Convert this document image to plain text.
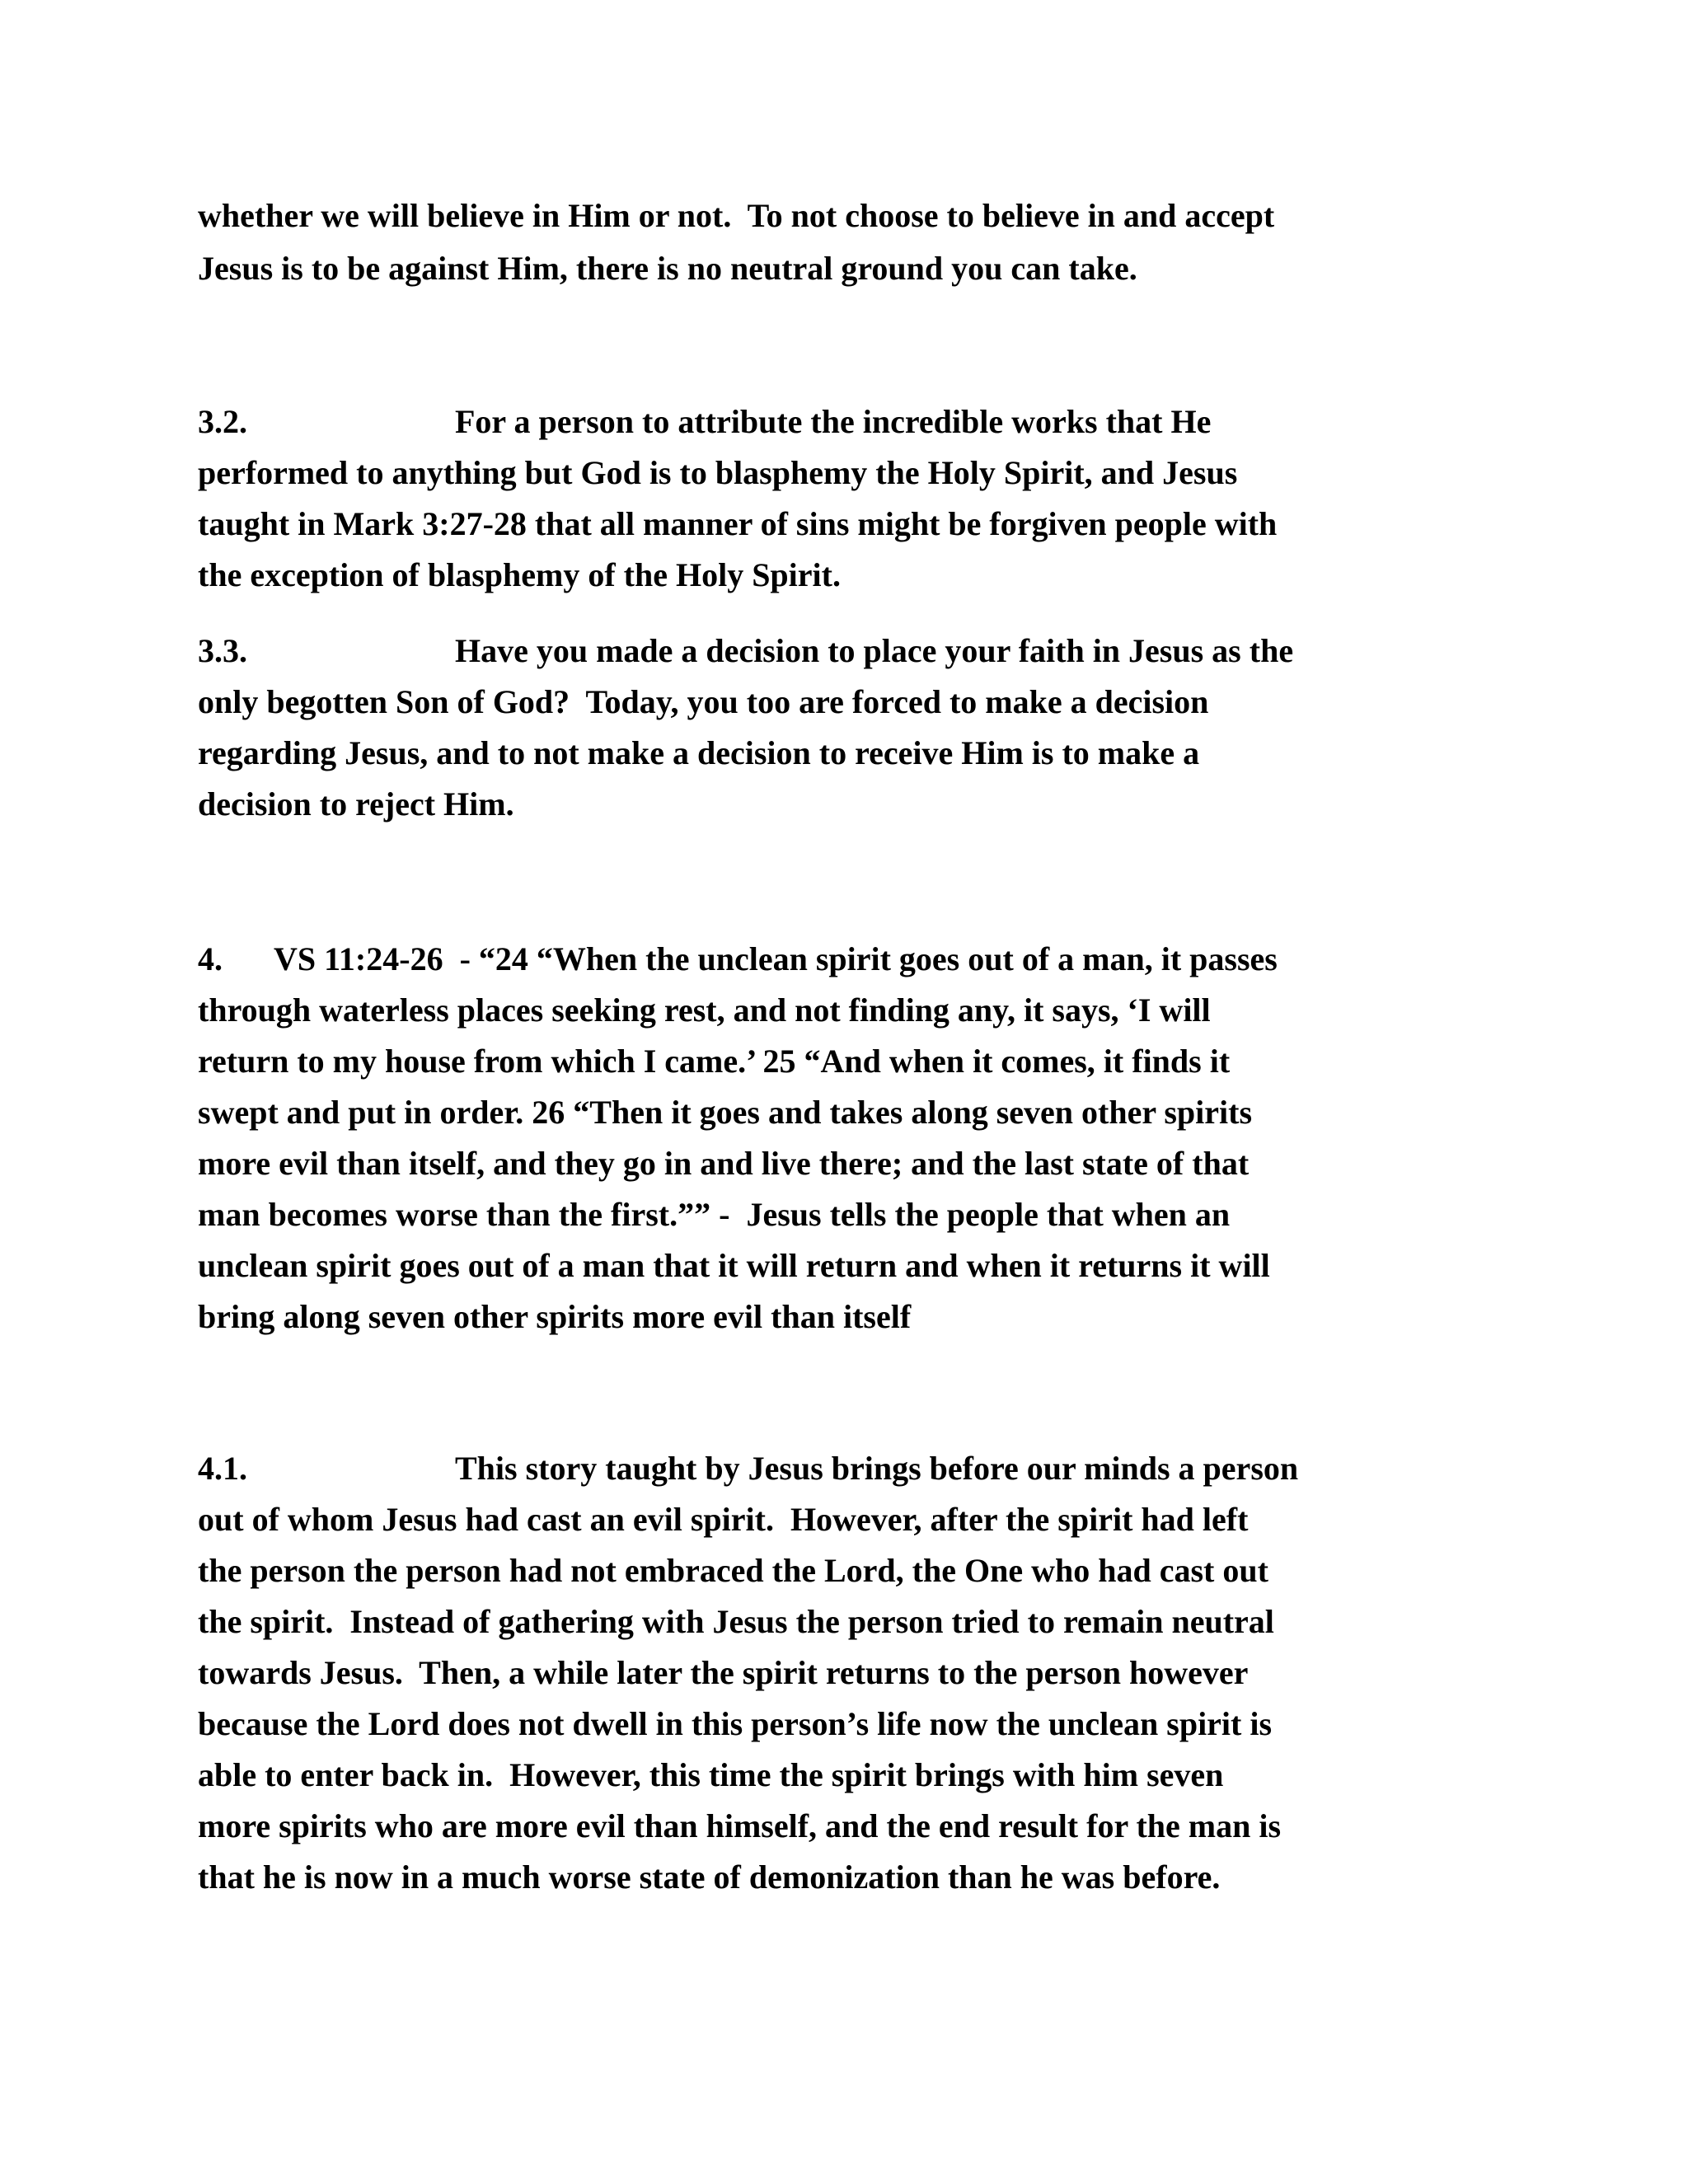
whether we will believe in Him or not.  To not choose to believe in and accept

Jesus is to be against Him, there is no neutral ground you can take.

3.2.	For a person to attribute the incredible works that He

performed to anything but God is to blasphemy the Holy Spirit, and Jesus

taught in Mark 3:27-28 that all manner of sins might be forgiven people with

the exception of blasphemy of the Holy Spirit.

3.3.	Have you made a decision to place your faith in Jesus as the

only begotten Son of God?  Today, you too are forced to make a decision

regarding Jesus, and to not make a decision to receive Him is to make a

decision to reject Him.

4. VS 11:24-26  - “24 “When the unclean spirit goes out of a man, it passes

through waterless places seeking rest, and not finding any, it says, ‘I will

return to my house from which I came.’ 25 “And when it comes, it finds it

swept and put in order. 26 “Then it goes and takes along seven other spirits

more evil than itself, and they go in and live there; and the last state of that

man becomes worse than the first.”” -  Jesus tells the people that when an

unclean spirit goes out of a man that it will return and when it returns it will

bring along seven other spirits more evil than itself

4.1.	This story taught by Jesus brings before our minds a person

out of whom Jesus had cast an evil spirit.  However, after the spirit had left

the person the person had not embraced the Lord, the One who had cast out

the spirit.  Instead of gathering with Jesus the person tried to remain neutral

towards Jesus.  Then, a while later the spirit returns to the person however

because the Lord does not dwell in this person’s life now the unclean spirit is

able to enter back in.  However, this time the spirit brings with him seven

more spirits who are more evil than himself, and the end result for the man is

that he is now in a much worse state of demonization than he was before.
